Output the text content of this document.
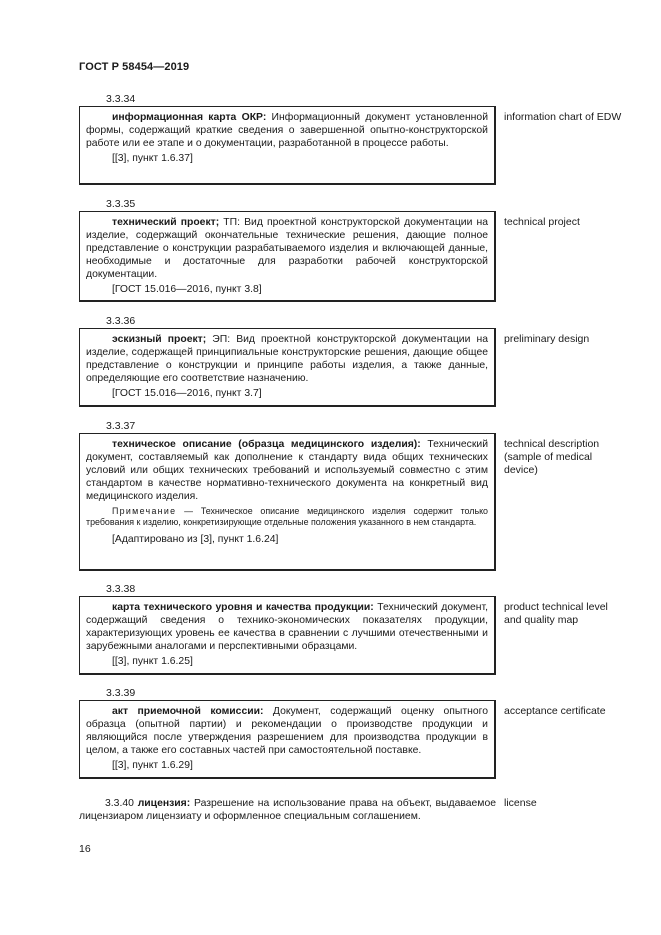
ГОСТ Р 58454—2019
3.3.34

информационная карта ОКР: Информационный документ установленной формы, содержащий краткие сведения о завершенной опытно-конструкторской работе или ее этапе и о документации, разработанной в процессе работы.

[[3], пункт 1.6.37]
information chart of EDW
3.3.35

технический проект; ТП: Вид проектной конструкторской документации на изделие, содержащий окончательные технические решения, дающие полное представление о конструкции разрабатываемого изделия и включающей данные, необходимые и достаточные для разработки рабочей конструкторской документации.

[ГОСТ 15.016—2016, пункт 3.8]
technical project
3.3.36

эскизный проект; ЭП: Вид проектной конструкторской документации на изделие, содержащей принципиальные конструкторские решения, дающие общее представление о конструкции и принципе работы изделия, а также данные, определяющие его соответствие назначению.

[ГОСТ 15.016—2016, пункт 3.7]
preliminary design
3.3.37

техническое описание (образца медицинского изделия): Технический документ, составляемый как дополнение к стандарту вида общих технических условий или общих технических требований и используемый совместно с этим стандартом в качестве нормативно-технического документа на конкретный вид медицинского изделия.

Примечание — Техническое описание медицинского изделия содержит только требования к изделию, конкретизирующие отдельные положения указанного в нем стандарта.

[Адаптировано из [3], пункт 1.6.24]
technical description (sample of medical device)
3.3.38

карта технического уровня и качества продукции: Технический документ, содержащий сведения о технико-экономических показателях продукции, характеризующих уровень ее качества в сравнении с лучшими отечественными и зарубежными аналогами и перспективными образцами.

[[3], пункт 1.6.25]
product technical level and quality map
3.3.39

акт приемочной комиссии: Документ, содержащий оценку опытного образца (опытной партии) и рекомендации о производстве продукции и являющийся после утверждения разрешением для производства продукции в целом, а также его составных частей при самостоятельной поставке.

[[3], пункт 1.6.29]
acceptance certificate

3.3.40 лицензия: Разрешение на использование права на объект, выдаваемое лицензиаром лицензиату и оформленное специальным соглашением.

license
16
